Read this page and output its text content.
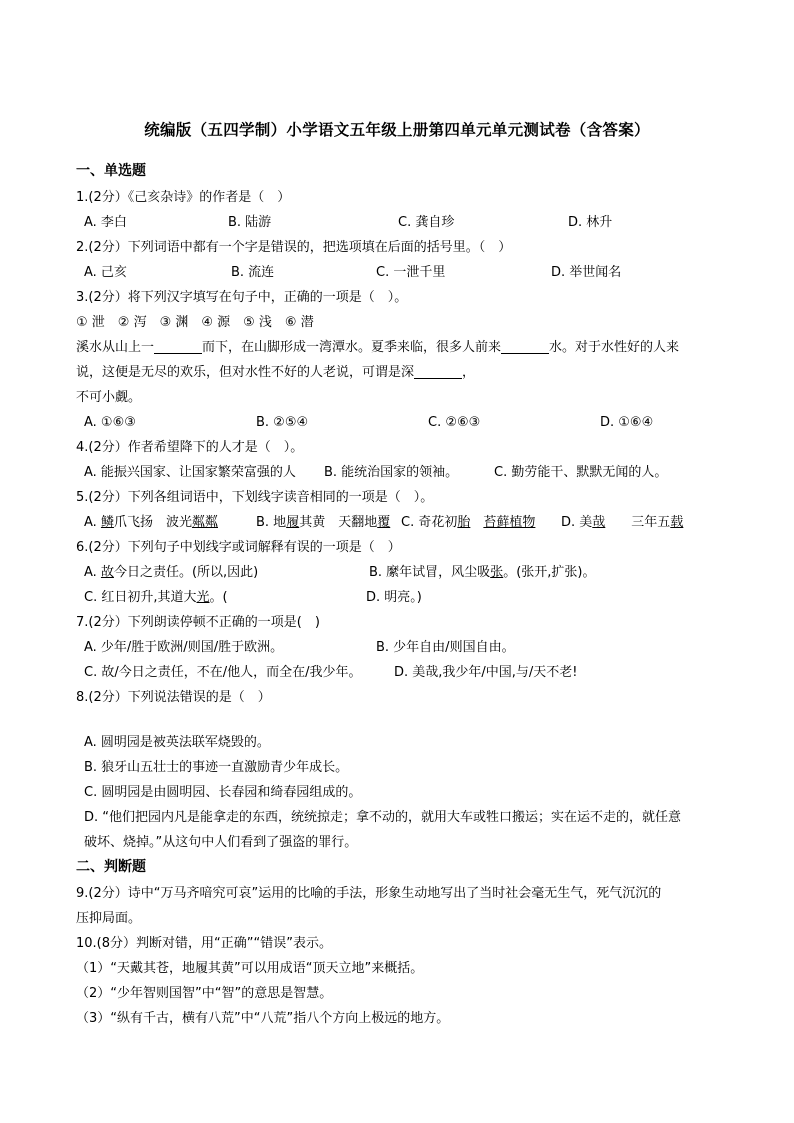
统编版（五四学制）小学语文五年级上册第四单元单元测试卷（含答案）
一、单选题
1.(2分）《己亥杂诗》的作者是（　）
A. 李白	B. 陆游	C. 龚自珍	D. 林升
2.(2分）下列词语中都有一个字是错误的，把选项填在后面的括号里。（　）
A. 己亥	B. 流连	C. 一泄千里	D. 举世闻名
3.(2分）将下列汉字填写在句子中，正确的一项是（　）。
① 泄　② 泻　③ 渊　④ 源　⑤ 浅　⑥ 潜
溪水从山上一	而下，在山脚形成一湾潭水。夏季来临，很多人前来	水。对于水性好的人来
说，这便是无尽的欢乐，但对水性不好的人老说，可谓是深	，
不可小觑。
A. ①⑥③	B. ②⑤④	C. ②⑥③	D. ①⑥④
4.(2分）作者希望降下的人才是（　）。
A. 能振兴国家、让国家繁荣富强的人 B. 能统治国家的领袖。	C. 勤劳能干、默默无闻的人。
5.(2分）下列各组词语中，下划线字读音相同的一项是（　）。
A. 鳞爪飞扬　波光粼粼	B. 地履其黄　天翻地覆 C. 奇花初胎　 苔藓植物 D. 美哉　　三年五载
6.(2分）下列句子中划线字或词解释有误的一项是（　）
A. 故今日之责任。(所以,因此)	B. 縻年试冒，风尘吸张。(张开,扩张)。
C. 红日初升,其道大光。(	D. 明亮。)
7.(2分）下列朗读停顿不正确的一项是(　)
A. 少年/胜于欧洲/则国/胜于欧洲。	B. 少年自由/则国自由。
C. 故/今日之责任，不在/他人，而全在/我少年。	D. 美哉,我少年/中国,与/天不老!
8.(2分）下列说法错误的是（　）
A. 圆明园是被英法联军烧毁的。
B. 狼牙山五壮士的事迹一直激励青少年成长。
C. 圆明园是由圆明园、长春园和绮春园组成的。
D. “他们把园内凡是能拿走的东西，统统掠走；拿不动的，就用大车或牲口搬运；实在运不走的，就任意
破坏、烧掉。”从这句中人们看到了强盗的罪行。
二、判断题
9.(2分）诗中“万马齐喑究可哀”运用的比喻的手法，形象生动地写出了当时社会毫无生气，死气沉沉的
压抑局面。
10.(8分）判断对错，用“正确”“错误”表示。
（1）“天戴其苍，地履其黄”可以用成语“顶天立地”来概括。
（2）“少年智则国智”中“智”的意思是智慧。
（3）“纵有千古，横有八荒”中“八荒”指八个方向上极远的地方。
